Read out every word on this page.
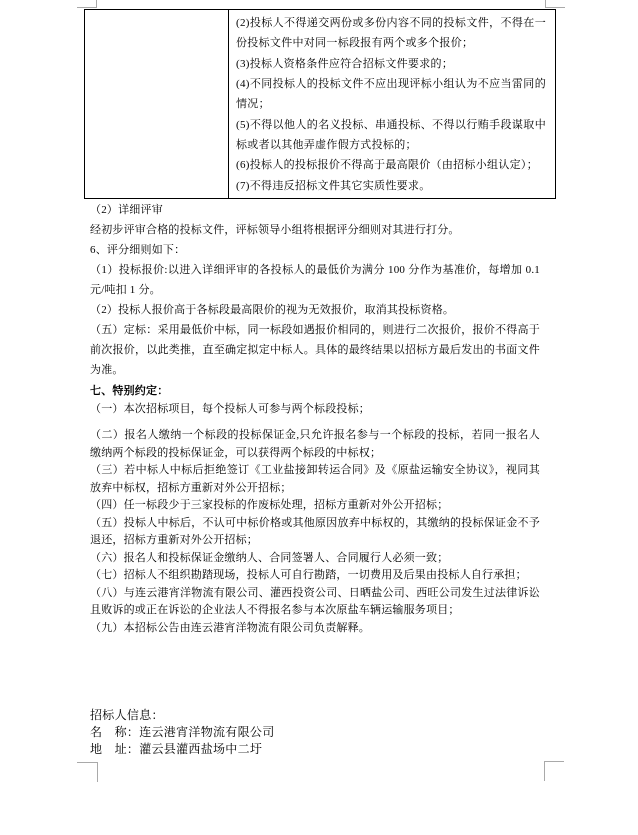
(2)投标人不得递交两份或多份内容不同的投标文件，不得在一份投标文件中对同一标段报有两个或多个报价；
(3)投标人资格条件应符合招标文件要求的；
(4)不同投标人的投标文件不应出现评标小组认为不应当雷同的情况；
(5)不得以他人的名义投标、串通投标、不得以行贿手段谋取中标或者以其他弄虚作假方式投标的；
(6)投标人的投标报价不得高于最高限价（由招标小组认定）；
(7)不得违反招标文件其它实质性要求。
（2）详细评审
经初步评审合格的投标文件，评标领导小组将根据评分细则对其进行打分。
6、评分细则如下：
（1）投标报价:以进入详细评审的各投标人的最低价为满分 100 分作为基准价，每增加 0.1 元/吨扣 1 分。
（2）投标人报价高于各标段最高限价的视为无效报价，取消其投标资格。
（五）定标：采用最低价中标，同一标段如遇报价相同的，则进行二次报价，报价不得高于前次报价，以此类推，直至确定拟定中标人。具体的最终结果以招标方最后发出的书面文件为准。
七、特别约定：
（一）本次招标项目，每个投标人可参与两个标段投标；
（二）报名人缴纳一个标段的投标保证金,只允许报名参与一个标段的投标，若同一报名人缴纳两个标段的投标保证金，可以获得两个标段的中标权；
（三）若中标人中标后拒绝签订《工业盐接卸转运合同》及《原盐运输安全协议》，视同其放弃中标权，招标方重新对外公开招标；
（四）任一标段少于三家投标的作废标处理，招标方重新对外公开招标；
（五）投标人中标后，不认可中标价格或其他原因放弃中标权的，其缴纳的投标保证金不予退还，招标方重新对外公开招标；
（六）报名人和投标保证金缴纳人、合同签署人、合同履行人必须一致；
（七）招标人不组织勘踏现场，投标人可自行勘踏，一切费用及后果由投标人自行承担；
（八）与连云港宵洋物流有限公司、灌西投资公司、日晒盐公司、西旺公司发生过法律诉讼且败诉的或正在诉讼的企业法人不得报名参与本次原盐车辆运输服务项目；
（九）本招标公告由连云港宵洋物流有限公司负责解释。
招标人信息：
名　称：连云港宵洋物流有限公司
地　址：灌云县灌西盐场中二圩
